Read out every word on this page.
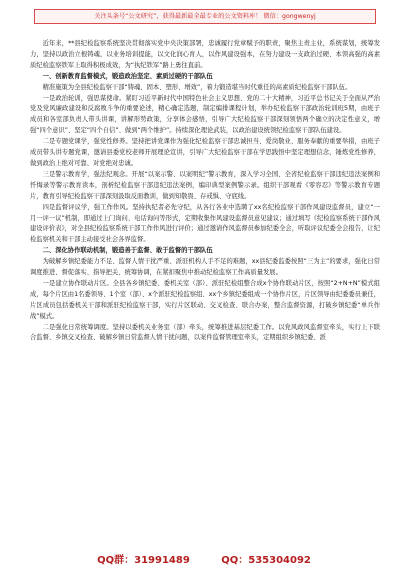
关注头条号“公文研究”，获得最新最全最专业的公文资料库！ 微信：gongwenyj

近年来，**县纪检监察系统坚决贯彻落实党中央决策部署，忠诚履行党章赋予的职责，聚焦主责主业，系统谋划，统筹发力，坚持以政治立根铸魂，以业务培训提能，以文化润心育人，以作风建设强本，在努力建设一支政治过硬、本领高强的高素质纪检监察铁军上取得积极成效，为“执纪铁军”路上勇往直前。

一、创新教育监督模式，锻造政治坚定、素质过硬的干部队伍

精准施策为全县纪检监察干部“铸魂、固本、塑形、增效”，着力锻造堪当时代重任的高素质纪检监察干部队伍。

一是政治轮训，强思谋使命。紧盯习近平新时代中国特色社会主义思想、党的二十大精神，习近平总书记关于全面从严治党及党风廉政建设和反腐败斗争的重要论述，精心确定选题，制定编排课程计划，举办纪检监察干部政治轮训班5期，由班子成员和各室部负责人带头讲课，讲解形势政策，分享体会感悟，引导广大纪检监察干部深刻领悟两个确立的决定性意义，增强“四个意识”、坚定“四个自信”、做到“两个维护”。持续深化理论武装，以政治建设统领纪检监察干部队伍建设。

二是专题党课学，强党性修养。坚持把讲党课作为强化纪检监察干部忠诚担当、爱岗敬业、服务奉献的重要举措，由班子成员带头讲专题党课，邀请县委党校老师开展理论宣讲，引导广大纪检监察干部在学思践悟中坚定理想信念，锤炼党性修养，做到政治上绝对可靠、对党绝对忠诚。

三是警示教育学，强法纪观念。开展“以案示警、以案明纪”警示教育，深入学习全国、全省纪检监察干部违纪违法案例和忏悔录等警示教育读本，剖析纪检监察干部违纪违法案例，编印典型案例警示录。组织干部观看《零容忍》等警示教育专题片，教育引导纪检监察干部深刻汲取反面教训，做到知敬畏、存戒惧、守底线。

四是监督评议学，强工作作风。坚持执纪者必先守纪，从各行各业中选聘了xx名纪检监察干部作风建设监督员，建立“一月一评一议”机制，即通过上门询问、电话询问等形式，定期收集作风建设监督员意见建议；通过填写《纪检监察系统干部作风建设评价表》，对全县纪检监察系统干部工作作风进行评价；通过邀请作风监督员参加纪委全会，听取评议纪委全会报告，让纪检监察机关和干部主动接受社会各界监督。

二、深化协作联动机制，锻造善于监督、敢于监督的干部队伍

为破解乡镇纪委能力不足、监督人情干扰严重、派驻机构人手不足的难题，xx县纪委监委按照“三为主”的要求，强化日常调度推进、督促落实、指导把关、统筹协调，在紧扣聚焦中推动纪检监察工作高质量发展。

一是建立协作联动片区。全县各乡镇纪委、委机关室（部）、派驻纪检组整合成x个协作联动片区，按照“2+N+N”模式组成，每个片区由1名委领导、1个室（部）、x个派驻纪检监察组、xx个乡镇纪委组成一个协作片区，片区领导由纪委委员兼任，片区成员包括委机关干部和派驻纪检监察干部，实行片区联动、交叉检查、联合办案，整合监督资源，打破乡镇纪委“单兵作战”模式。

二是强化日常统筹调度。坚持以委机关业务室（部）牵头，统筹推进基层纪委工作。以党风政风监督室牵头，实行上下联合监督、乡镇交叉检查、破解乡镇日常监督人情干扰问题，以案件监督管理室牵头，定期组织乡镇纪委、派

QQ群：31991489	QQ：535304092
